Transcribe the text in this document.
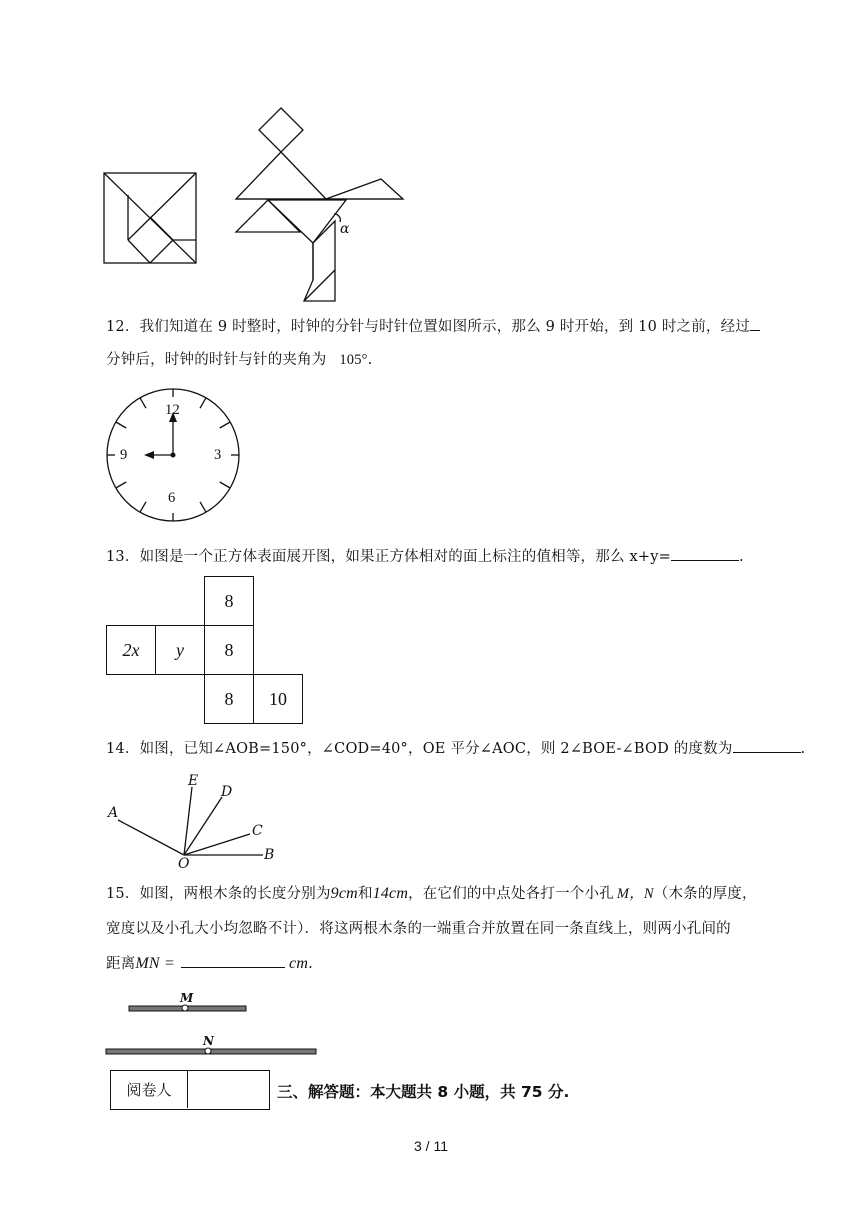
α
12．我们知道在 9 时整时，时钟的分针与时针位置如图所示，那么 9 时开始，到 10 时之前，经过
分钟后，时钟的时针与针的夹角为 105°.
12
3
6
9
13．如图是一个正方体表面展开图，如果正方体相对的面上标注的值相等，那么 x+y=	.
8
2x y 8
8 10
14．如图，已知∠AOB=150°，∠COD=40°，OE 平分∠AOC，则 2∠BOE-∠BOD 的度数为	.
A
E
D
C
B
O
15．如图，两根木条的长度分别为9cm和14cm，在它们的中点处各打一个小孔 M，N（木条的厚度，
宽度以及小孔大小均忽略不计）．将这两根木条的一端重合并放置在同一条直线上，则两小孔间的
距离MN =	cm.
M
N
阅卷人	三、解答题：本大题共 8 小题，共 75 分.
3 / 11
